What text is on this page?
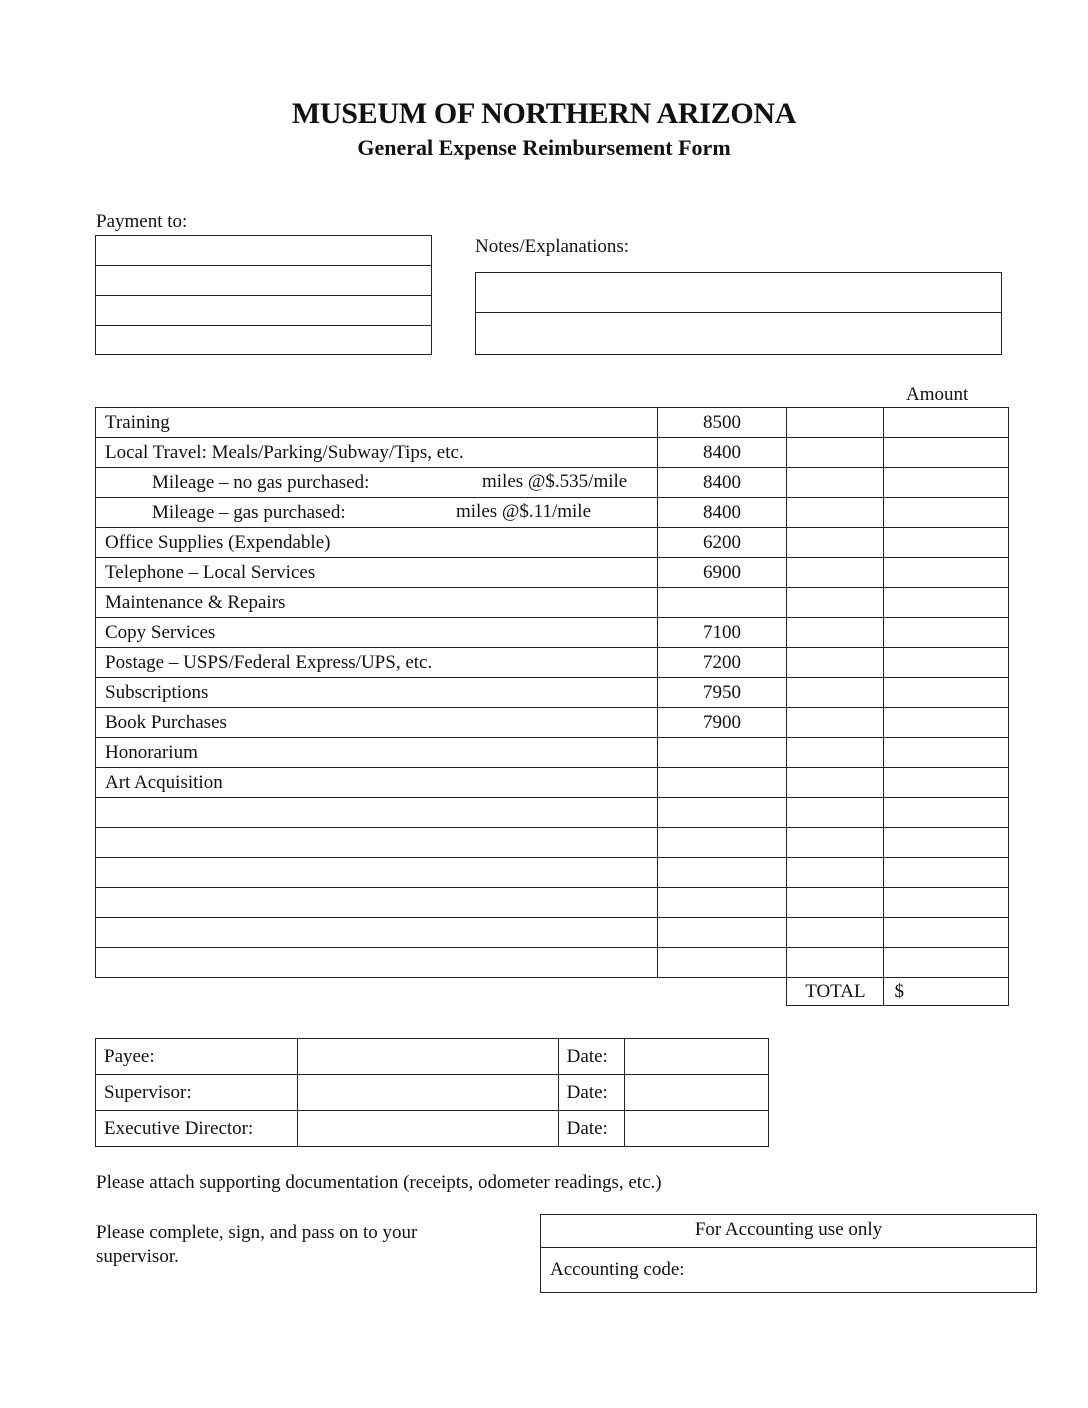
MUSEUM OF NORTHERN ARIZONA
General Expense Reimbursement Form
Payment to:
Notes/Explanations:
Amount
Training	8500		
Local Travel: Meals/Parking/Subway/Tips, etc.	8400		
Mileage – no gas purchased: miles @$.535/mile	8400		
Mileage – gas purchased: miles @$.11/mile	8400		
Office Supplies (Expendable)	6200		
Telephone – Local Services	6900		
Maintenance & Repairs			
Copy Services	7100		
Postage – USPS/Federal Express/UPS, etc.	7200		
Subscriptions	7950		
Book Purchases	7900		
Honorarium			
Art Acquisition			

		TOTAL	$
Payee:		Date:	
Supervisor:		Date:	
Executive Director:		Date:	
Please attach supporting documentation (receipts, odometer readings, etc.)
Please complete, sign, and pass on to your supervisor.
For Accounting use only
Accounting code:
